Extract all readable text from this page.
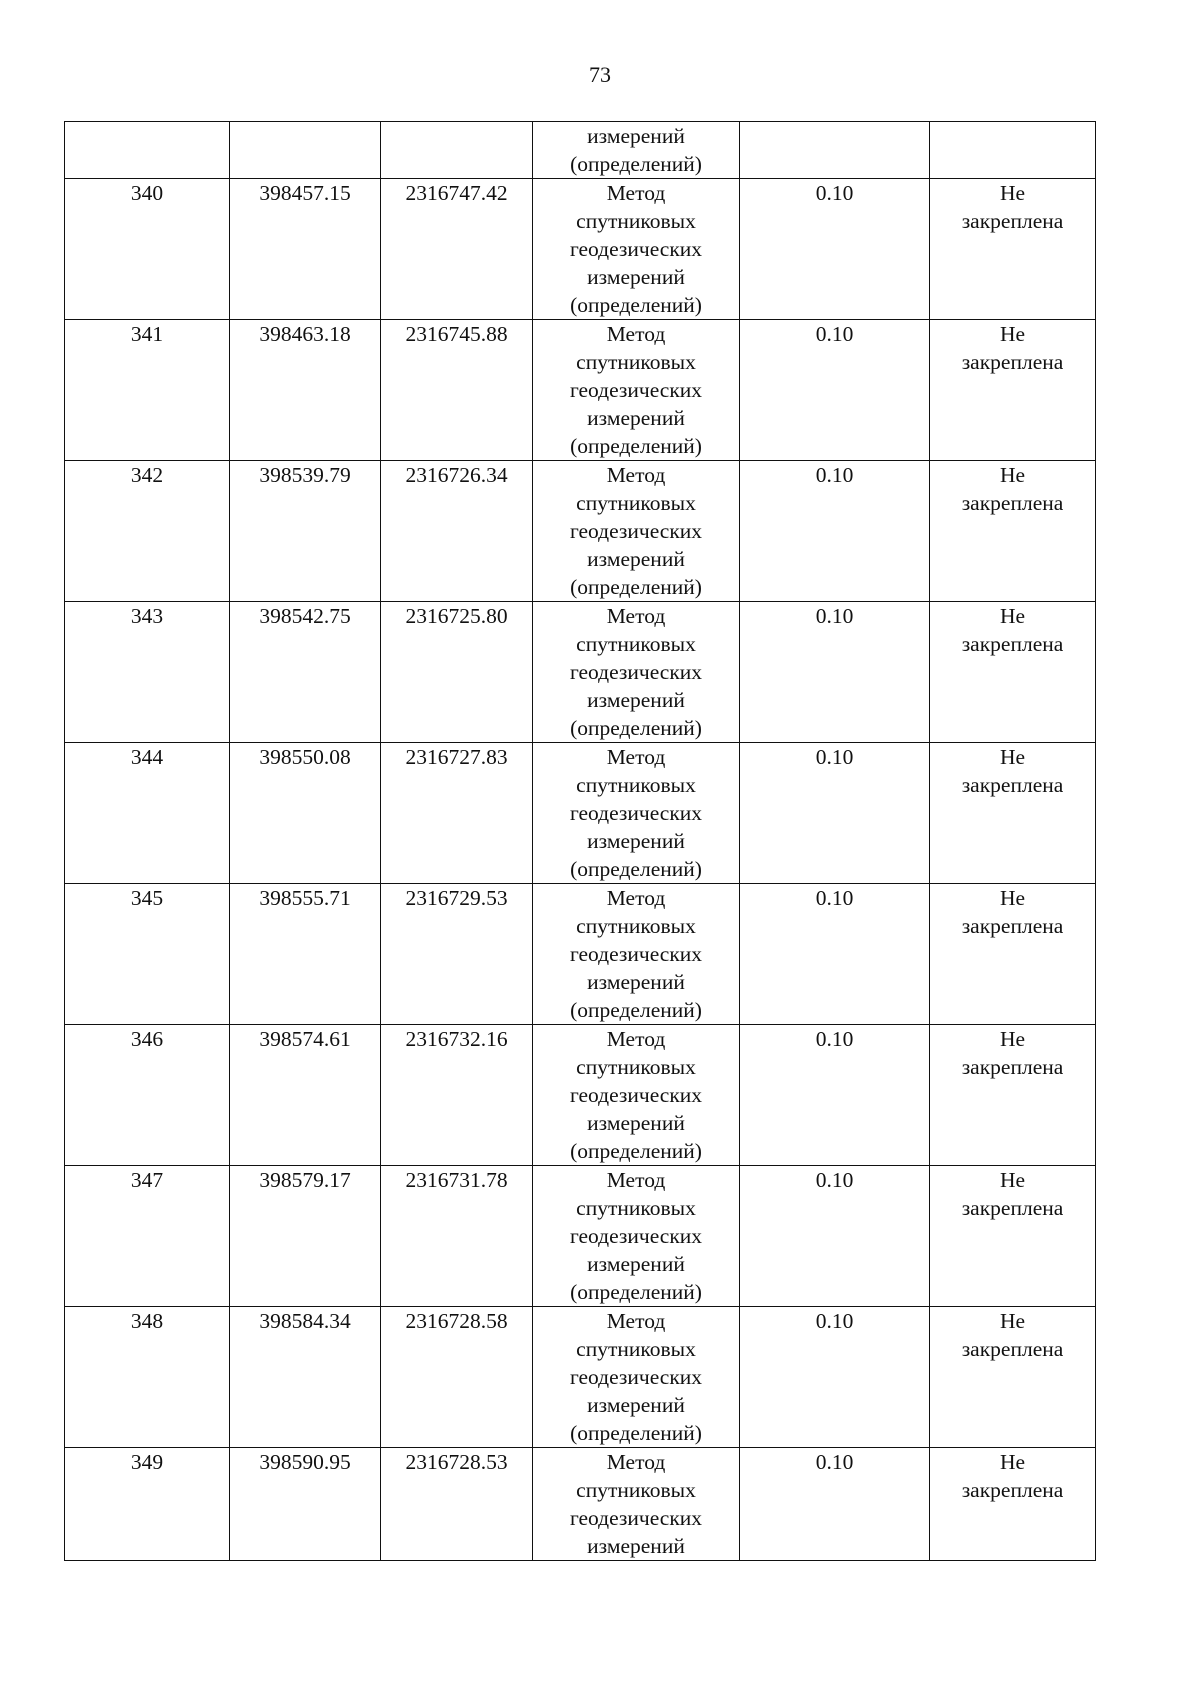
73

			измерений
(определений)		

340	398457.15	2316747.42	Метод
спутниковых
геодезических
измерений
(определений)	0.10	Не
закреплена

341	398463.18	2316745.88	Метод
спутниковых
геодезических
измерений
(определений)	0.10	Не
закреплена

342	398539.79	2316726.34	Метод
спутниковых
геодезических
измерений
(определений)	0.10	Не
закреплена

343	398542.75	2316725.80	Метод
спутниковых
геодезических
измерений
(определений)	0.10	Не
закреплена

344	398550.08	2316727.83	Метод
спутниковых
геодезических
измерений
(определений)	0.10	Не
закреплена

345	398555.71	2316729.53	Метод
спутниковых
геодезических
измерений
(определений)	0.10	Не
закреплена

346	398574.61	2316732.16	Метод
спутниковых
геодезических
измерений
(определений)	0.10	Не
закреплена

347	398579.17	2316731.78	Метод
спутниковых
геодезических
измерений
(определений)	0.10	Не
закреплена

348	398584.34	2316728.58	Метод
спутниковых
геодезических
измерений
(определений)	0.10	Не
закреплена

349	398590.95	2316728.53	Метод
спутниковых
геодезических
измерений	0.10	Не
закреплена
